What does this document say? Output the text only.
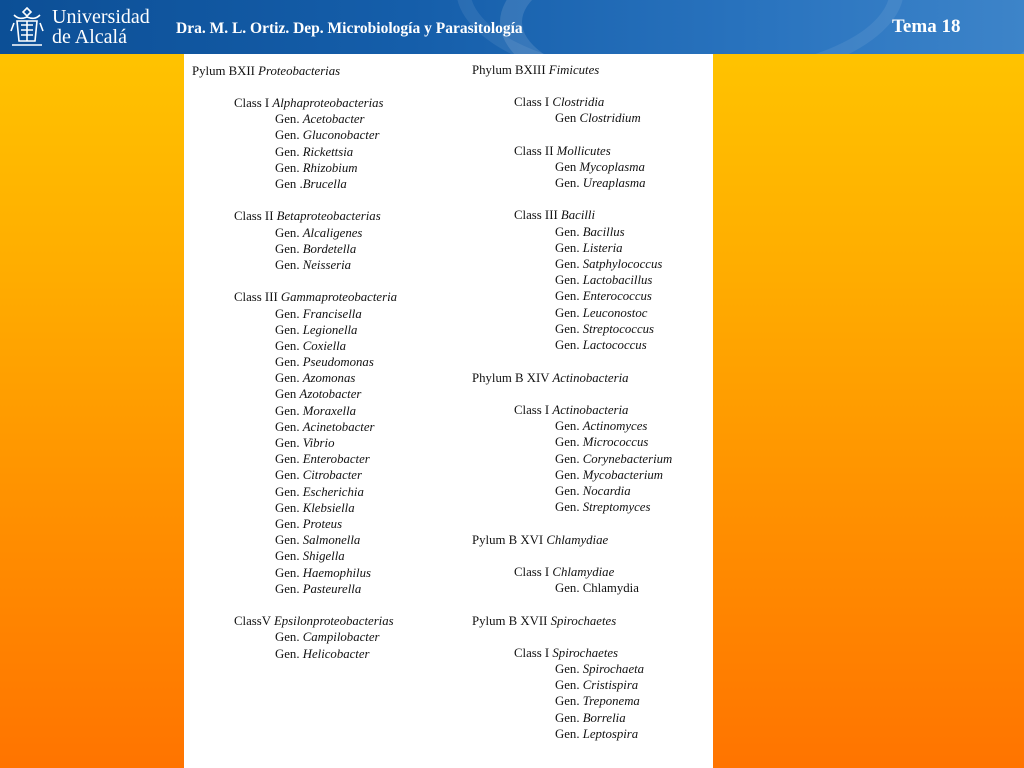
Universidad
de Alcalá	Dra. M. L. Ortiz. Dep. Microbiología y Parasitología	Tema 18
Pylum BXII Proteobacterias
Class I Alphaproteobacterias
Gen. Acetobacter
Gen. Gluconobacter
Gen. Rickettsia
Gen. Rhizobium
Gen .Brucella
Class II Betaproteobacterias
Gen. Alcaligenes
Gen. Bordetella
Gen. Neisseria
Class III Gammaproteobacteria
Gen. Francisella
Gen. Legionella
Gen. Coxiella
Gen. Pseudomonas
Gen. Azomonas
Gen Azotobacter
Gen. Moraxella
Gen. Acinetobacter
Gen. Vibrio
Gen. Enterobacter
Gen. Citrobacter
Gen. Escherichia
Gen. Klebsiella
Gen. Proteus
Gen. Salmonella
Gen. Shigella
Gen. Haemophilus
Gen. Pasteurella
ClassV Epsilonproteobacterias
Gen. Campilobacter
Gen. Helicobacter
Phylum BXIII Fimicutes
Class I Clostridia
Gen Clostridium
Class II Mollicutes
Gen Mycoplasma
Gen. Ureaplasma
Class III Bacilli
Gen. Bacillus
Gen. Listeria
Gen. Satphylococcus
Gen. Lactobacillus
Gen. Enterococcus
Gen. Leuconostoc
Gen. Streptococcus
Gen. Lactococcus
Phylum B XIV Actinobacteria
Class I Actinobacteria
Gen. Actinomyces
Gen. Micrococcus
Gen. Corynebacterium
Gen. Mycobacterium
Gen. Nocardia
Gen. Streptomyces
Pylum B XVI Chlamydiae
Class I Chlamydiae
Gen. Chlamydia
Pylum B XVII Spirochaetes
Class I Spirochaetes
Gen. Spirochaeta
Gen. Cristispira
Gen. Treponema
Gen. Borrelia
Gen. Leptospira
